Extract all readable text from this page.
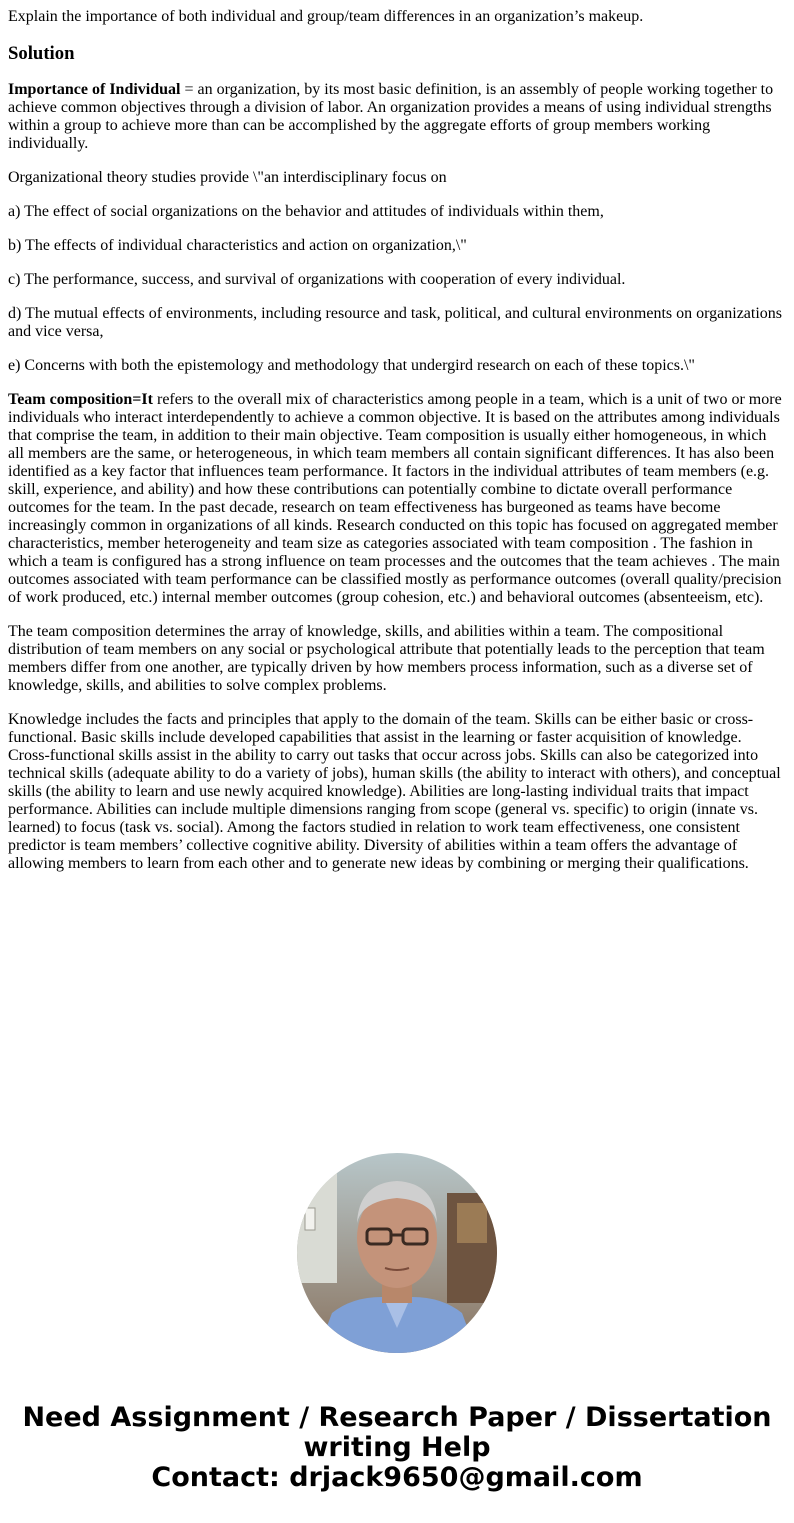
Explain the importance of both individual and group/team differences in an organization’s makeup.
Solution

Importance of Individual = an organization, by its most basic definition, is an assembly of people working together to achieve common objectives through a division of labor. An organization provides a means of using individual strengths within a group to achieve more than can be accomplished by the aggregate efforts of group members working individually.

Organizational theory studies provide \"an interdisciplinary focus on

a) The effect of social organizations on the behavior and attitudes of individuals within them,

b) The effects of individual characteristics and action on organization,\"

c) The performance, success, and survival of organizations with cooperation of every individual.

d) The mutual effects of environments, including resource and task, political, and cultural environments on organizations and vice versa,

e) Concerns with both the epistemology and methodology that undergird research on each of these topics.\"

Team composition=It refers to the overall mix of characteristics among people in a team, which is a unit of two or more individuals who interact interdependently to achieve a common objective. It is based on the attributes among individuals that comprise the team, in addition to their main objective. Team composition is usually either homogeneous, in which all members are the same, or heterogeneous, in which team members all contain significant differences. It has also been identified as a key factor that influences team performance. It factors in the individual attributes of team members (e.g. skill, experience, and ability) and how these contributions can potentially combine to dictate overall performance outcomes for the team. In the past decade, research on team effectiveness has burgeoned as teams have become increasingly common in organizations of all kinds. Research conducted on this topic has focused on aggregated member characteristics, member heterogeneity and team size as categories associated with team composition . The fashion in which a team is configured has a strong influence on team processes and the outcomes that the team achieves . The main outcomes associated with team performance can be classified mostly as performance outcomes (overall quality/precision of work produced, etc.) internal member outcomes (group cohesion, etc.) and behavioral outcomes (absenteeism, etc).

The team composition determines the array of knowledge, skills, and abilities within a team. The compositional distribution of team members on any social or psychological attribute that potentially leads to the perception that team members differ from one another, are typically driven by how members process information, such as a diverse set of knowledge, skills, and abilities to solve complex problems.

Knowledge includes the facts and principles that apply to the domain of the team. Skills can be either basic or cross-functional. Basic skills include developed capabilities that assist in the learning or faster acquisition of knowledge. Cross-functional skills assist in the ability to carry out tasks that occur across jobs. Skills can also be categorized into technical skills (adequate ability to do a variety of jobs), human skills (the ability to interact with others), and conceptual skills (the ability to learn and use newly acquired knowledge). Abilities are long-lasting individual traits that impact performance. Abilities can include multiple dimensions ranging from scope (general vs. specific) to origin (innate vs. learned) to focus (task vs. social). Among the factors studied in relation to work team effectiveness, one consistent predictor is team members’ collective cognitive ability. Diversity of abilities within a team offers the advantage of allowing members to learn from each other and to generate new ideas by combining or merging their qualifications.

Need Assignment / Research Paper / Dissertation
writing Help
Contact: drjack9650@gmail.com
